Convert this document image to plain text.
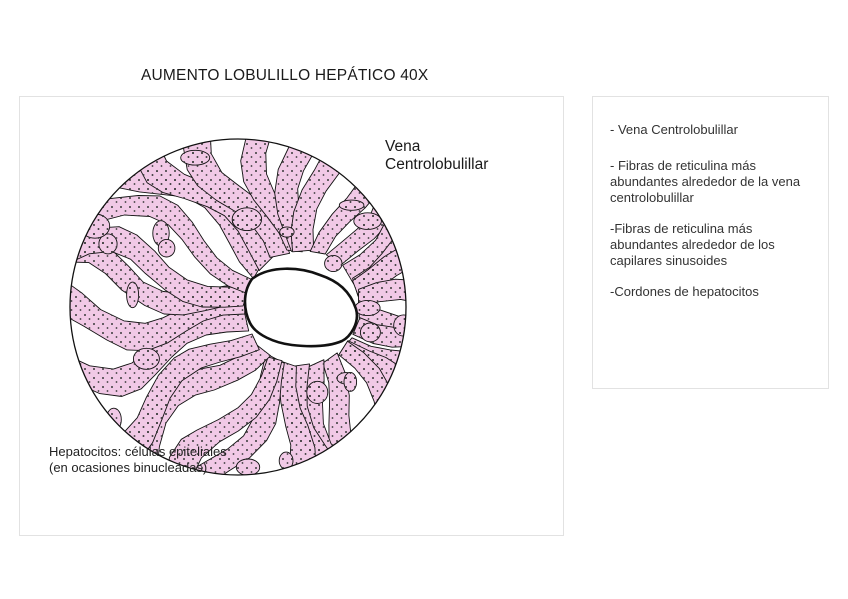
AUMENTO LOBULILLO HEPÁTICO 40X
Vena
Centrolobulillar
Hepatocitos: células epiteliales (en ocasiones binucleadas)
- Vena Centrolobulillar
- Fibras de reticulina más abundantes alrededor de la vena centrolobulillar
-Fibras de reticulina más abundantes alrededor de los capilares sinusoides
-Cordones de hepatocitos
